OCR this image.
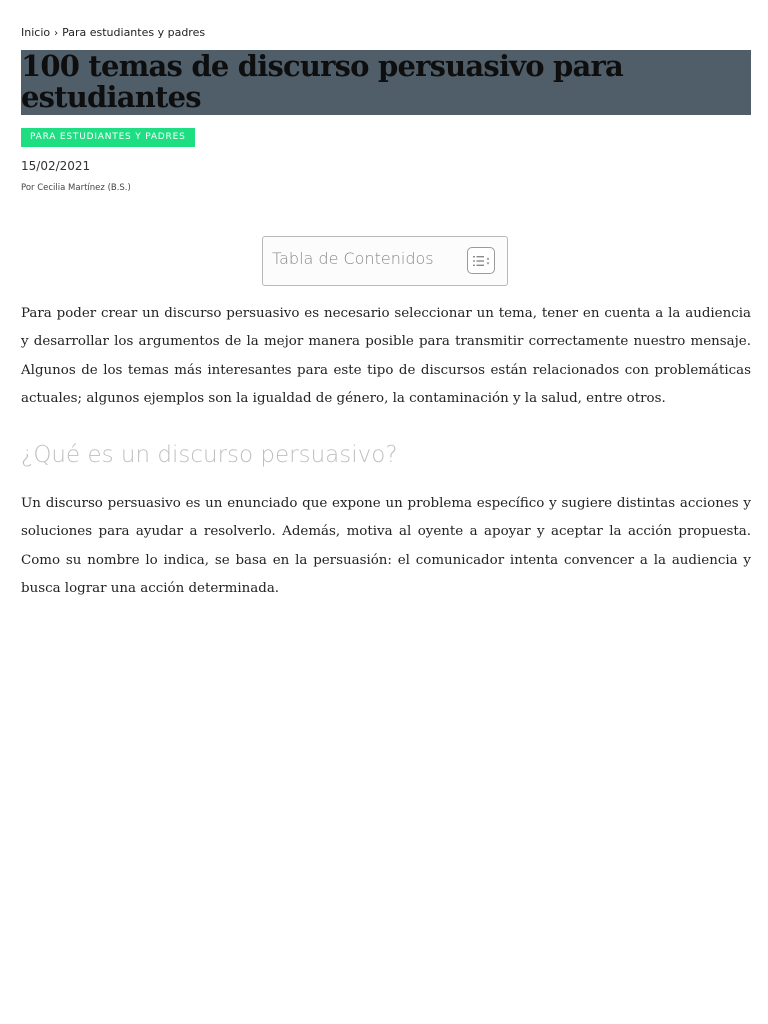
Inicio › Para estudiantes y padres
100 temas de discurso persuasivo para estudiantes
PARA ESTUDIANTES Y PADRES
15/02/2021
Por Cecilia Martínez (B.S.)
Tabla de Contenidos

Para poder crear un discurso persuasivo es necesario seleccionar un tema, tener en cuenta a la audiencia y desarrollar los argumentos de la mejor manera posible para transmitir correctamente nuestro mensaje. Algunos de los temas más interesantes para este tipo de discursos están relacionados con problemáticas actuales; algunos ejemplos son la igualdad de género, la contaminación y la salud, entre otros.

¿Qué es un discurso persuasivo?

Un discurso persuasivo es un enunciado que expone un problema específico y sugiere distintas acciones y soluciones para ayudar a resolverlo. Además, motiva al oyente a apoyar y aceptar la acción propuesta. Como su nombre lo indica, se basa en la persuasión: el comunicador intenta convencer a la audiencia y busca lograr una acción determinada.
